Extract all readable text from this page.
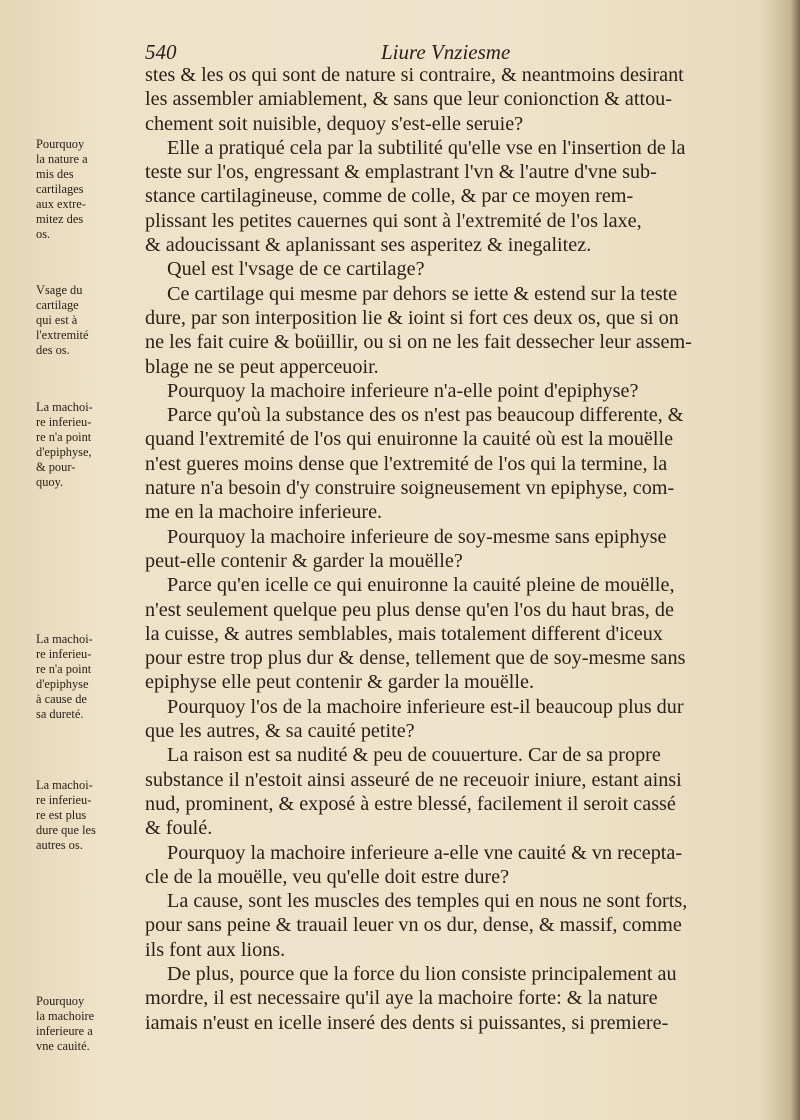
540	Liure Vnziesme
stes & les os qui sont de nature si contraire, & neantmoins desirant
les assembler amiablement, & sans que leur conionction & attou-
chement soit nuisible, dequoy s'est-elle seruie?
Elle a pratiqué cela par la subtilité qu'elle vse en l'insertion de la
teste sur l'os, engressant & emplastrant l'vn & l'autre d'vne sub-
stance cartilagineuse, comme de colle, & par ce moyen rem-
plissant les petites cauernes qui sont à l'extremité de l'os laxe,
& adoucissant & aplanissant ses asperitez & inegalitez.
Quel est l'vsage de ce cartilage?
Ce cartilage qui mesme par dehors se iette & estend sur la teste
dure, par son interposition lie & ioint si fort ces deux os, que si on
ne les fait cuire & boüillir, ou si on ne les fait dessecher leur assem-
blage ne se peut apperceuoir.
Pourquoy la machoire inferieure n'a-elle point d'epiphyse?
Parce qu'où la substance des os n'est pas beaucoup differente, &
quand l'extremité de l'os qui enuironne la cauité où est la mouëlle
n'est gueres moins dense que l'extremité de l'os qui la termine, la
nature n'a besoin d'y construire soigneusement vn epiphyse, com-
me en la machoire inferieure.
Pourquoy la machoire inferieure de soy-mesme sans epiphyse
peut-elle contenir & garder la mouëlle?
Parce qu'en icelle ce qui enuironne la cauité pleine de mouëlle,
n'est seulement quelque peu plus dense qu'en l'os du haut bras, de
la cuisse, & autres semblables, mais totalement different d'iceux
pour estre trop plus dur & dense, tellement que de soy-mesme sans
epiphyse elle peut contenir & garder la mouëlle.
Pourquoy l'os de la machoire inferieure est-il beaucoup plus dur
que les autres, & sa cauité petite?
La raison est sa nudité & peu de couuerture. Car de sa propre
substance il n'estoit ainsi asseuré de ne receuoir iniure, estant ainsi
nud, prominent, & exposé à estre blessé, facilement il seroit cassé
& foulé.
Pourquoy la machoire inferieure a-elle vne cauité & vn recepta-
cle de la mouëlle, veu qu'elle doit estre dure?
La cause, sont les muscles des temples qui en nous ne sont forts,
pour sans peine & trauail leuer vn os dur, dense, & massif, comme
ils font aux lions.
De plus, pource que la force du lion consiste principalement au
mordre, il est necessaire qu'il aye la machoire forte: & la nature
iamais n'eust en icelle inseré des dents si puissantes, si premiere-
Pourquoy
la nature a
mis des
cartilages
aux extre-
mitez des
os.
Vsage du
cartilage
qui est à
l'extremité
des os.
La machoi-
re inferieu-
re n'a point
d'epiphyse,
& pour-
quoy.
La machoi-
re inferieu-
re n'a point
d'epiphyse
à cause de
sa dureté.
La machoi-
re inferieu-
re est plus
dure que les
autres os.
Pourquoy
la machoire
inferieure a
vne cauité.
